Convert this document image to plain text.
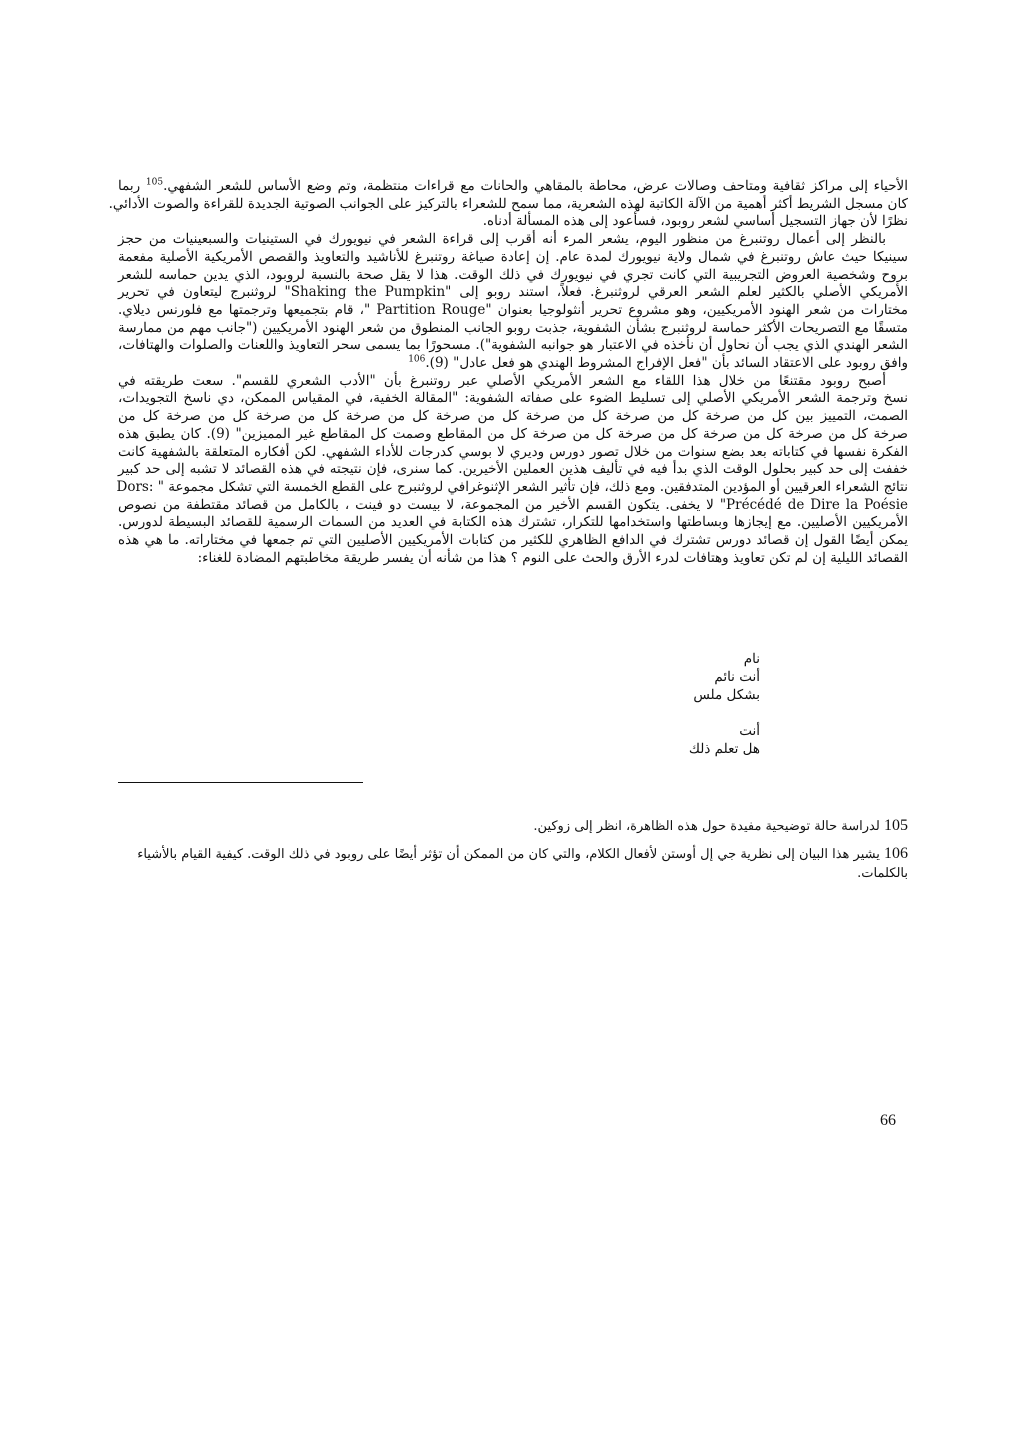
الأحياء إلى مراكز ثقافية ومتاحف وصالات عرض، محاطة بالمقاهي والحانات مع قراءات منتظمة، وتم وضع الأساس للشعر الشفهي.$^{105}$ ربما
كان مسجل الشريط أكثر أهمية من الآلة الكاتبة لهذه الشعرية، مما سمح للشعراء بالتركيز على الجوانب الصوتية الجديدة للقراءة والصوت الأدائي.
نظرًا لأن جهاز التسجيل أساسي لشعر روبود، فسأعود إلى هذه المسألة أدناه.
بالنظر إلى أعمال روتنبرغ من منظور اليوم، يشعر المرء أنه أقرب إلى قراءة الشعر في نيويورك في الستينيات والسبعينيات من حجز
سينيكا حيث عاش روتنبرغ في شمال ولاية نيويورك لمدة عام. إن إعادة صياغة روتنبرغ للأناشيد والتعاويذ والقصص الأمريكية الأصلية مفعمة
بروح وشخصية العروض التجريبية التي كانت تجري في نيويورك في ذلك الوقت. هذا لا يقل صحة بالنسبة لروبود، الذي يدين حماسه للشعر
الأمريكي الأصلي بالكثير لعلم الشعر العرقي لروثنبرغ. فعلاً، استند روبو إلى "Shaking the Pumpkin" لروثنبرج ليتعاون في تحرير
مختارات من شعر الهنود الأمريكيين، وهو مشروع تحرير أنثولوجيا بعنوان "Partition Rouge "، قام بتجميعها وترجمتها مع فلورنس ديلاي.
متسقًا مع التصريحات الأكثر حماسة لروثنبرج بشأن الشفوية، جذبت روبو الجانب المنطوق من شعر الهنود الأمريكيين ("جانب مهم من ممارسة
الشعر الهندي الذي يجب أن نحاول أن نأخذه في الاعتبار هو جوانبه الشفوية"). مسحورًا بما يسمى سحر التعاويذ واللعنات والصلوات والهتافات،
وافق روبود على الاعتقاد السائد بأن "فعل الإفراج المشروط الهندي هو فعل عادل" (9).$^{106}$
أصبح روبود مقتنعًا من خلال هذا اللقاء مع الشعر الأمريكي الأصلي عبر روتنبرغ بأن "الأدب الشعري للقسم". سعت طريقته في
نسخ وترجمة الشعر الأمريكي الأصلي إلى تسليط الضوء على صفاته الشفوية: "المقالة الخفية، في المقياس الممكن، دي ناسخ التجويدات،
الصمت، التمييز بين كل من صرخة كل من صرخة كل من صرخة كل من صرخة كل من صرخة كل من صرخة كل من صرخة كل من
صرخة كل من صرخة كل من صرخة كل من صرخة كل من صرخة كل من المقاطع وصمت كل المقاطع غير المميزين" (9). كان يطبق هذه
الفكرة نفسها في كتاباته بعد بضع سنوات من خلال تصور دورس وديري لا بوسي كدرجات للأداء الشفهي. لكن أفكاره المتعلقة بالشفهية كانت
خففت إلى حد كبير بحلول الوقت الذي بدأ فيه في تأليف هذين العملين الأخيرين. كما سنرى، فإن نتيجته في هذه القصائد لا تشبه إلى حد كبير
نتائج الشعراء العرقيين أو المؤدين المتدفقين. ومع ذلك، فإن تأثير الشعر الإثنوغرافي لروثنبرج على القطع الخمسة التي تشكل مجموعة " :Dors
Précédé de Dire la Poésie" لا يخفى. يتكون القسم الأخير من المجموعة، لا بيست دو فينت ، بالكامل من قصائد مقتطفة من نصوص
الأمريكيين الأصليين. مع إيجازها وبساطتها واستخدامها للتكرار، تشترك هذه الكتابة في العديد من السمات الرسمية للقصائد البسيطة لدورس.
يمكن أيضًا القول إن قصائد دورس تشترك في الدافع الظاهري للكثير من كتابات الأمريكيين الأصليين التي تم جمعها في مختاراته. ما هي هذه
القصائد الليلية إن لم تكن تعاويذ وهتافات لدرء الأرق والحث على النوم ؟ هذا من شأنه أن يفسر طريقة مخاطبتهم المضادة للغناء:
نام
أنت نائم
بشكل ملس
أنت
هل تعلم ذلك
105 لدراسة حالة توضيحية مفيدة حول هذه الظاهرة، انظر إلى زوكين.
106 يشير هذا البيان إلى نظرية جي إل أوستن لأفعال الكلام، والتي كان من الممكن أن تؤثر أيضًا على روبود في ذلك الوقت. كيفية القيام بالأشياء بالكلمات.
66
